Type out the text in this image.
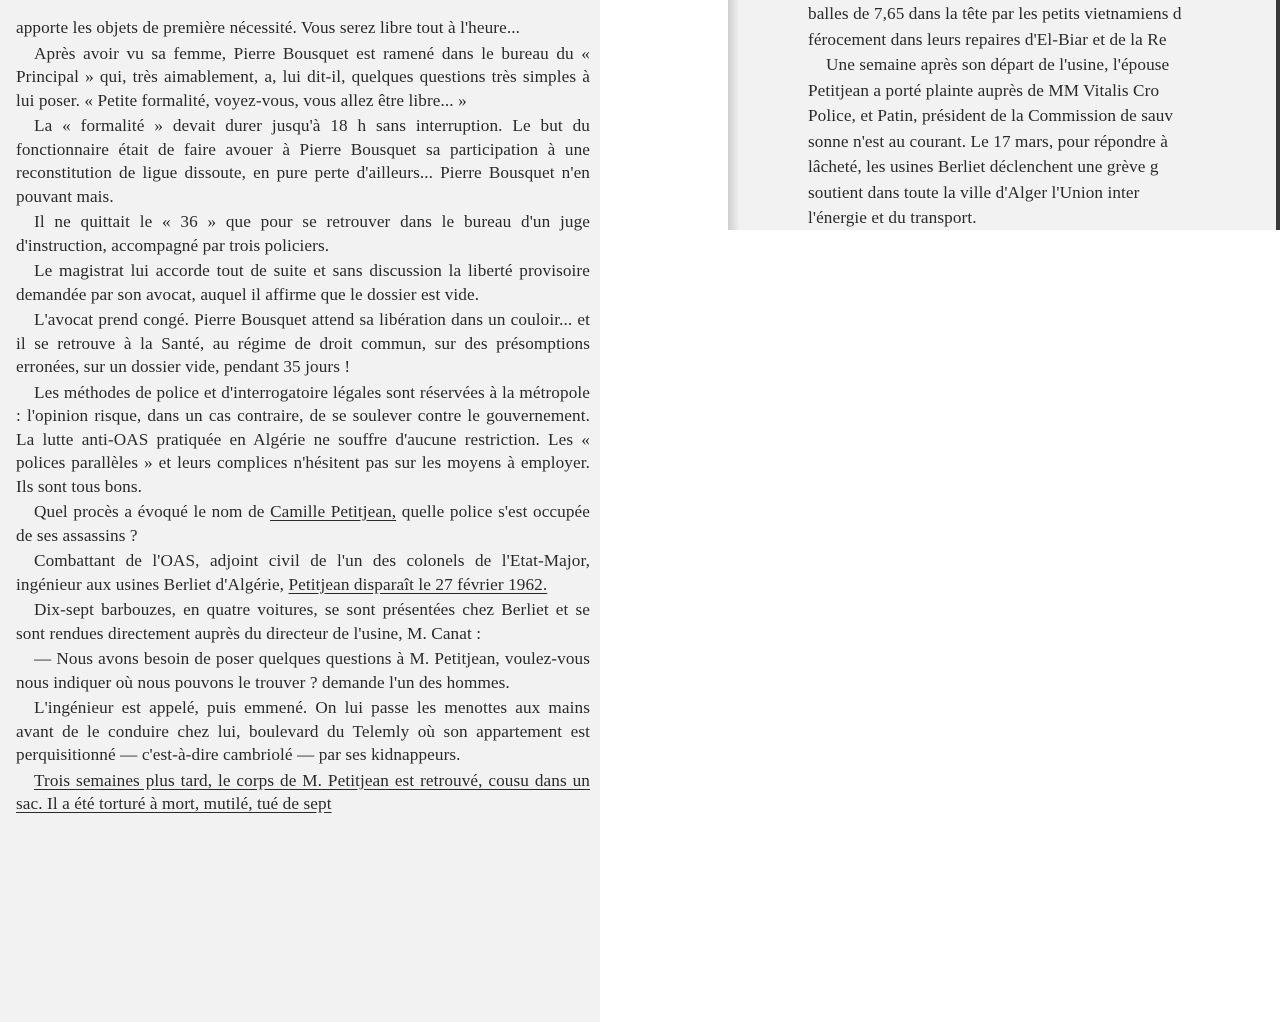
apporte les objets de première nécessité. Vous serez libre tout à l'heure...

Après avoir vu sa femme, Pierre Bousquet est ramené dans le bureau du « Principal » qui, très aimablement, a, lui dit-il, quelques questions très simples à lui poser. « Petite formalité, voyez-vous, vous allez être libre... »

La « formalité » devait durer jusqu'à 18 h sans interruption. Le but du fonctionnaire était de faire avouer à Pierre Bousquet sa participation à une reconstitution de ligue dissoute, en pure perte d'ailleurs... Pierre Bousquet n'en pouvant mais.

Il ne quittait le « 36 » que pour se retrouver dans le bureau d'un juge d'instruction, accompagné par trois policiers.

Le magistrat lui accorde tout de suite et sans discussion la liberté provisoire demandée par son avocat, auquel il affirme que le dossier est vide.

L'avocat prend congé. Pierre Bousquet attend sa libération dans un couloir... et il se retrouve à la Santé, au régime de droit commun, sur des présomptions erronées, sur un dossier vide, pendant 35 jours !

Les méthodes de police et d'interrogatoire légales sont réservées à la métropole : l'opinion risque, dans un cas contraire, de se soulever contre le gouvernement. La lutte anti-OAS pratiquée en Algérie ne souffre d'aucune restriction. Les « polices parallèles » et leurs complices n'hésitent pas sur les moyens à employer. Ils sont tous bons.

Quel procès a évoqué le nom de Camille Petitjean, quelle police s'est occupée de ses assassins ?

Combattant de l'OAS, adjoint civil de l'un des colonels de l'Etat-Major, ingénieur aux usines Berliet d'Algérie, Petitjean disparaît le 27 février 1962.

Dix-sept barbouzes, en quatre voitures, se sont présentées chez Berliet et se sont rendues directement auprès du directeur de l'usine, M. Canat :

— Nous avons besoin de poser quelques questions à M. Petitjean, voulez-vous nous indiquer où nous pouvons le trouver ? demande l'un des hommes.

L'ingénieur est appelé, puis emmené. On lui passe les menottes aux mains avant de le conduire chez lui, boulevard du Telemly où son appartement est perquisitionné — c'est-à-dire cambriolé — par ses kidnappeurs.

Trois semaines plus tard, le corps de M. Petitjean est retrouvé, cousu dans un sac. Il a été torturé à mort, mutilé, tué de sept

balles de 7,65 dans la tête par les petits vietnamiens d

férocement dans leurs repaires d'El-Biar et de la Re

Une semaine après son départ de l'usine, l'épouse

Petitjean a porté plainte auprès de MM Vitalis Cro

Police, et Patin, président de la Commission de sauv

sonne n'est au courant. Le 17 mars, pour répondre à

lâcheté, les usines Berliet déclenchent une grève g

soutient dans toute la ville d'Alger l'Union inter

l'énergie et du transport.
